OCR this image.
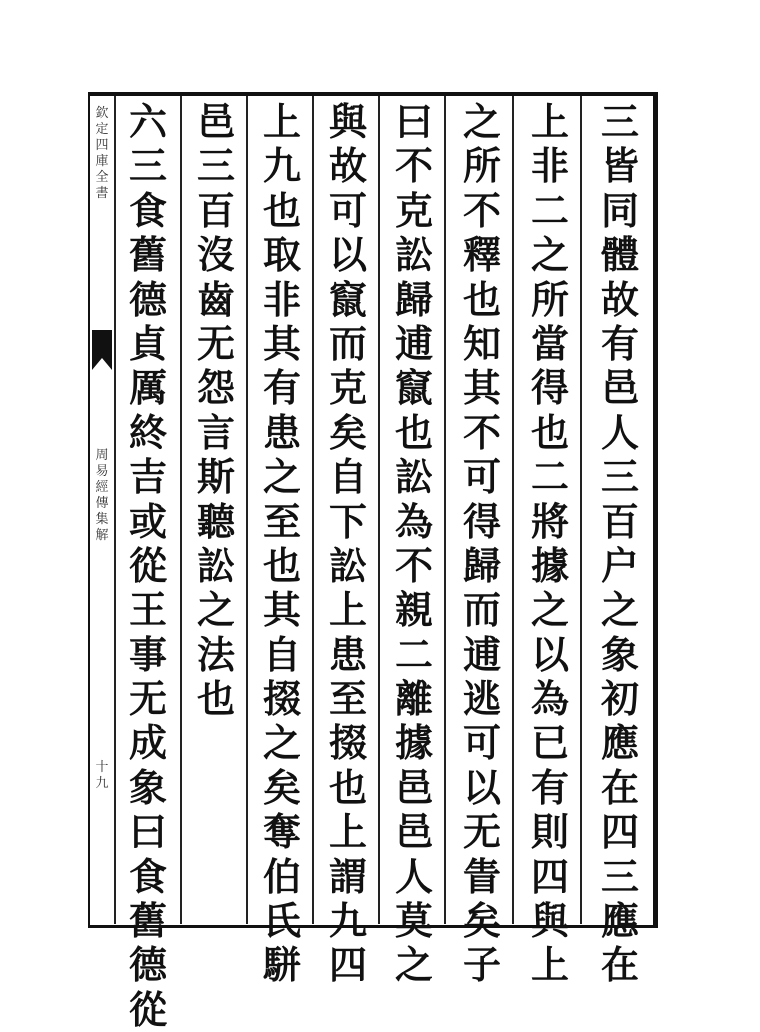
欽
定
四
庫
全
書
周
易
經
傳
集
解
十
九
三
皆
同
體
故
有
邑
人
三
百
户
之
象
初
應
在
四
三
應
在
上
非
二
之
所
當
得
也
二
將
據
之
以
為
已
有
則
四
與
上
之
所
不
釋
也
知
其
不
可
得
歸
而
逋
逃
可
以
无
眚
矣
子
曰
不
克
訟
歸
逋
竄
也
訟
為
不
親
二
離
據
邑
邑
人
莫
之
與
故
可
以
竄
而
克
矣
自
下
訟
上
患
至
掇
也
上
謂
九
四
上
九
也
取
非
其
有
患
之
至
也
其
自
掇
之
矣
奪
伯
氏
駢
邑
三
百
沒
齒
无
怨
言
斯
聽
訟
之
法
也
六
三
食
舊
德
貞
厲
終
吉
或
從
王
事
无
成
象
曰
食
舊
德
從
